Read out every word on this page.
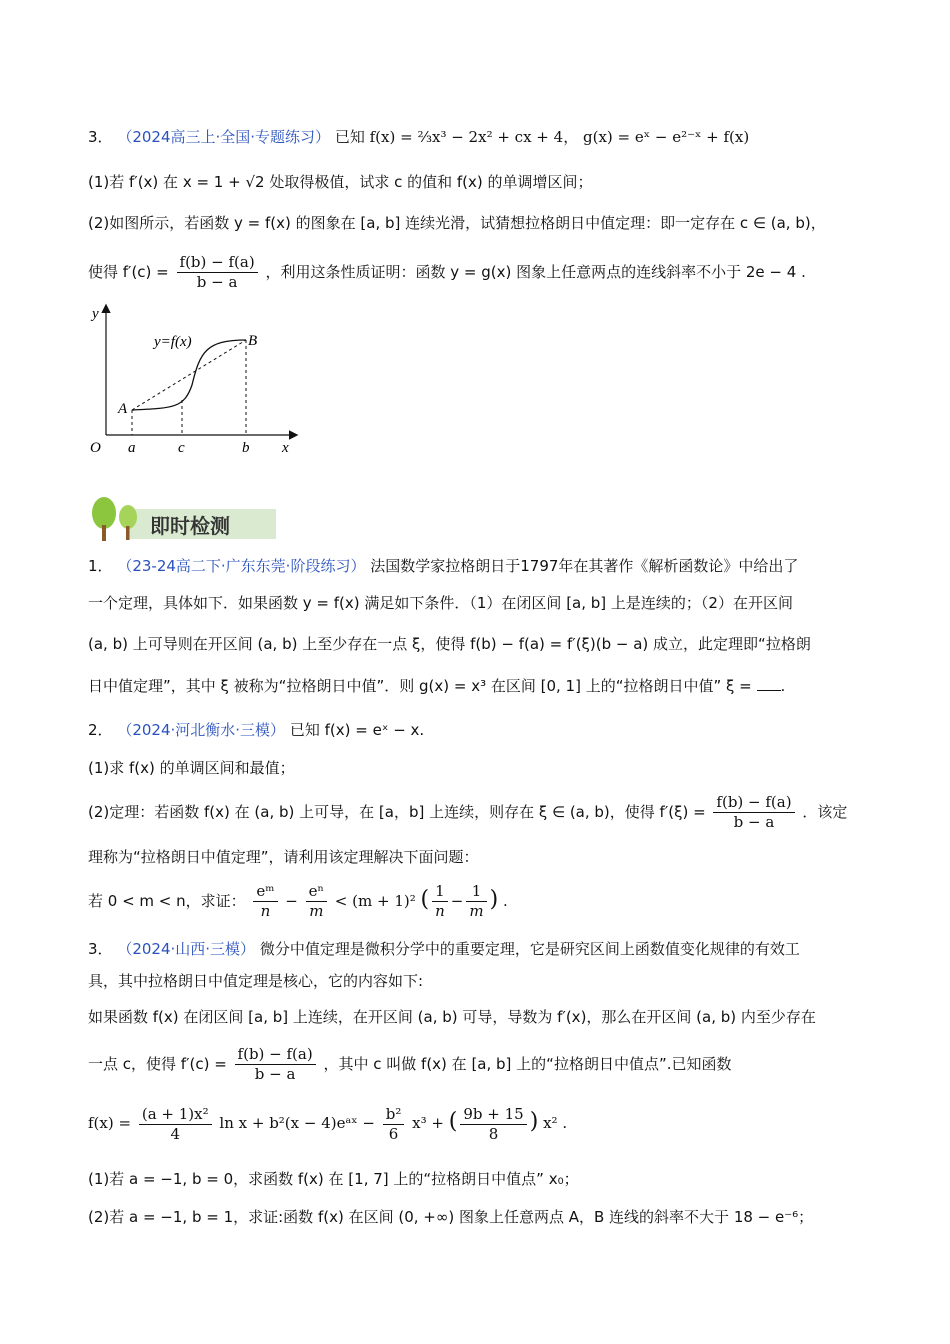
3． （2024高三上·全国·专题练习） 已知 f(x) = ⅔x³ − 2x² + cx + 4， g(x) = eˣ − e²⁻ˣ + f(x)
(1)若 f′(x) 在 x = 1 + √2 处取得极值，试求 c 的值和 f(x) 的单调增区间；
(2)如图所示，若函数 y = f(x) 的图象在 [a, b] 连续光滑，试猜想拉格朗日中值定理：即一定存在 c ∈ (a, b)，
使得 $f'(c) = \frac{f(b) - f(a)}{b - a}$ ，利用这条性质证明：函数 y = g(x) 图象上任意两点的连线斜率不小于 2e − 4 .
y
x
O
y=f(x)
A
B
a	c	b
即时检测
1． （23-24高二下·广东东莞·阶段练习） 法国数学家拉格朗日于1797年在其著作《解析函数论》中给出了
一个定理，具体如下．如果函数 y = f(x) 满足如下条件．（1）在闭区间 [a, b] 上是连续的；（2）在开区间
(a, b) 上可导则在开区间 (a, b) 上至少存在一点 ξ，使得 f(b) − f(a) = f′(ξ)(b − a) 成立，此定理即“拉格朗
日中值定理”，其中 ξ 被称为“拉格朗日中值”．则 g(x) = x³ 在区间 [0, 1] 上的“拉格朗日中值” ξ = .
2． （2024·河北衡水·三模） 已知 f(x) = eˣ − x.
(1)求 f(x) 的单调区间和最值；
(2)定理：若函数 f(x) 在 (a, b) 上可导，在 [a，b] 上连续，则存在 ξ ∈ (a, b)，使得 $f'(\xi) = \frac{f(b) - f(a)}{b - a}$ ．该定
理称为“拉格朗日中值定理”，请利用该定理解决下面问题：
若 0 < m < n，求证： $\frac{\text{eᵐ}}{n} - \frac{\text{eⁿ}}{m} < (m + 1)^2$ ( $\frac{1}{n} - \frac{1}{m}$ ) .
3． （2024·山西·三模） 微分中值定理是微积分学中的重要定理，它是研究区间上函数值变化规律的有效工
具，其中拉格朗日中值定理是核心，它的内容如下:
如果函数 f(x) 在闭区间 [a, b] 上连续，在开区间 (a, b) 可导，导数为 f′(x)，那么在开区间 (a, b) 内至少存在
一点 c，使得 $f'(c) = \frac{f(b) - f(a)}{b - a}$ ，其中 c 叫做 f(x) 在 [a, b] 上的“拉格朗日中值点”.已知函数
$f(x) = \frac{\text{(a + 1)x²}}{4}$ ln x + b²(x − 4)eᵃˣ − $\frac{\text{b²}}{6} x^3$ + ( $\frac{9b + 15}{8}$ ) x² .
(1)若 a = −1, b = 0，求函数 f(x) 在 [1, 7] 上的“拉格朗日中值点” x₀；
(2)若 a = −1, b = 1，求证:函数 f(x) 在区间 (0, +∞) 图象上任意两点 A，B 连线的斜率不大于 18 − e⁻⁶；
